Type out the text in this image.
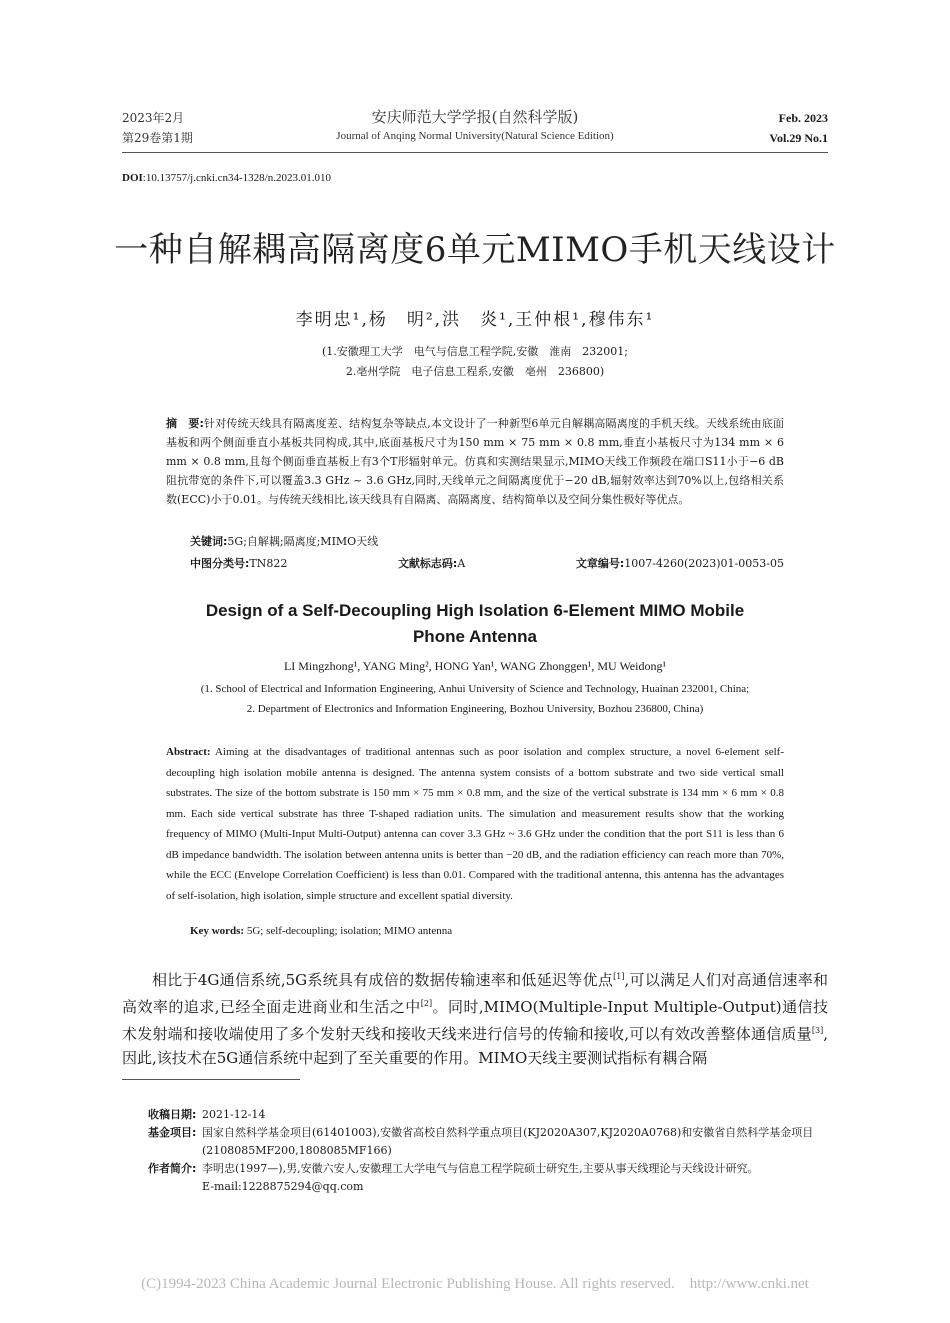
2023年2月
第29卷第1期
安庆师范大学学报(自然科学版)
Journal of Anqing Normal University(Natural Science Edition)
Feb. 2023
Vol.29 No.1
DOI:10.13757/j.cnki.cn34-1328/n.2023.01.010
一种自解耦高隔离度6单元MIMO手机天线设计
李明忠¹,杨　明²,洪　炎¹,王仲根¹,穆伟东¹
(1.安徽理工大学　电气与信息工程学院,安徽　淮南　232001;
2.亳州学院　电子信息工程系,安徽　亳州　236800)
摘　要:针对传统天线具有隔离度差、结构复杂等缺点,本文设计了一种新型6单元自解耦高隔离度的手机天线。天线系统由底面基板和两个侧面垂直小基板共同构成,其中,底面基板尺寸为150 mm × 75 mm × 0.8 mm,垂直小基板尺寸为134 mm × 6 mm × 0.8 mm,且每个侧面垂直基板上有3个T形辐射单元。仿真和实测结果显示,MIMO天线工作频段在端口S11小于−6 dB阻抗带宽的条件下,可以覆盖3.3 GHz ~ 3.6 GHz,同时,天线单元之间隔离度优于−20 dB,辐射效率达到70%以上,包络相关系数(ECC)小于0.01。与传统天线相比,该天线具有自隔离、高隔离度、结构简单以及空间分集性极好等优点。
关键词:5G;自解耦;隔离度;MIMO天线
中图分类号:TN822	文献标志码:A	文章编号:1007-4260(2023)01-0053-05
Design of a Self-Decoupling High Isolation 6-Element MIMO Mobile
Phone Antenna
LI Mingzhong¹, YANG Ming², HONG Yan¹, WANG Zhonggen¹, MU Weidong¹
(1. School of Electrical and Information Engineering, Anhui University of Science and Technology, Huainan 232001, China;
2. Department of Electronics and Information Engineering, Bozhou University, Bozhou 236800, China)
Abstract: Aiming at the disadvantages of traditional antennas such as poor isolation and complex structure, a novel 6-element self-decoupling high isolation mobile antenna is designed. The antenna system consists of a bottom substrate and two side vertical small substrates. The size of the bottom substrate is 150 mm × 75 mm × 0.8 mm, and the size of the vertical substrate is 134 mm × 6 mm × 0.8 mm. Each side vertical substrate has three T-shaped radiation units. The simulation and measurement results show that the working frequency of MIMO (Multi-Input Multi-Output) antenna can cover 3.3 GHz ~ 3.6 GHz under the condition that the port S11 is less than 6 dB impedance bandwidth. The isolation between antenna units is better than −20 dB, and the radiation efficiency can reach more than 70%, while the ECC (Envelope Correlation Coefficient) is less than 0.01. Compared with the traditional antenna, this antenna has the advantages of self-isolation, high isolation, simple structure and excellent spatial diversity.
Key words: 5G; self-decoupling; isolation; MIMO antenna
相比于4G通信系统,5G系统具有成倍的数据传输速率和低延迟等优点[1],可以满足人们对高通信速率和高效率的追求,已经全面走进商业和生活之中[2]。同时,MIMO(Multiple-Input Multiple-Output)通信技术发射端和接收端使用了多个发射天线和接收天线来进行信号的传输和接收,可以有效改善整体通信质量[3],因此,该技术在5G通信系统中起到了至关重要的作用。MIMO天线主要测试指标有耦合隔
收稿日期: 2021-12-14
基金项目: 国家自然科学基金项目(61401003),安徽省高校自然科学重点项目(KJ2020A307,KJ2020A0768)和安徽省自然科学基金项目(2108085MF200,1808085MF166)
作者简介: 李明忠(1997—),男,安徽六安人,安徽理工大学电气与信息工程学院硕士研究生,主要从事天线理论与天线设计研究。
E-mail:1228875294@qq.com
(C)1994-2023 China Academic Journal Electronic Publishing House. All rights reserved.    http://www.cnki.net
